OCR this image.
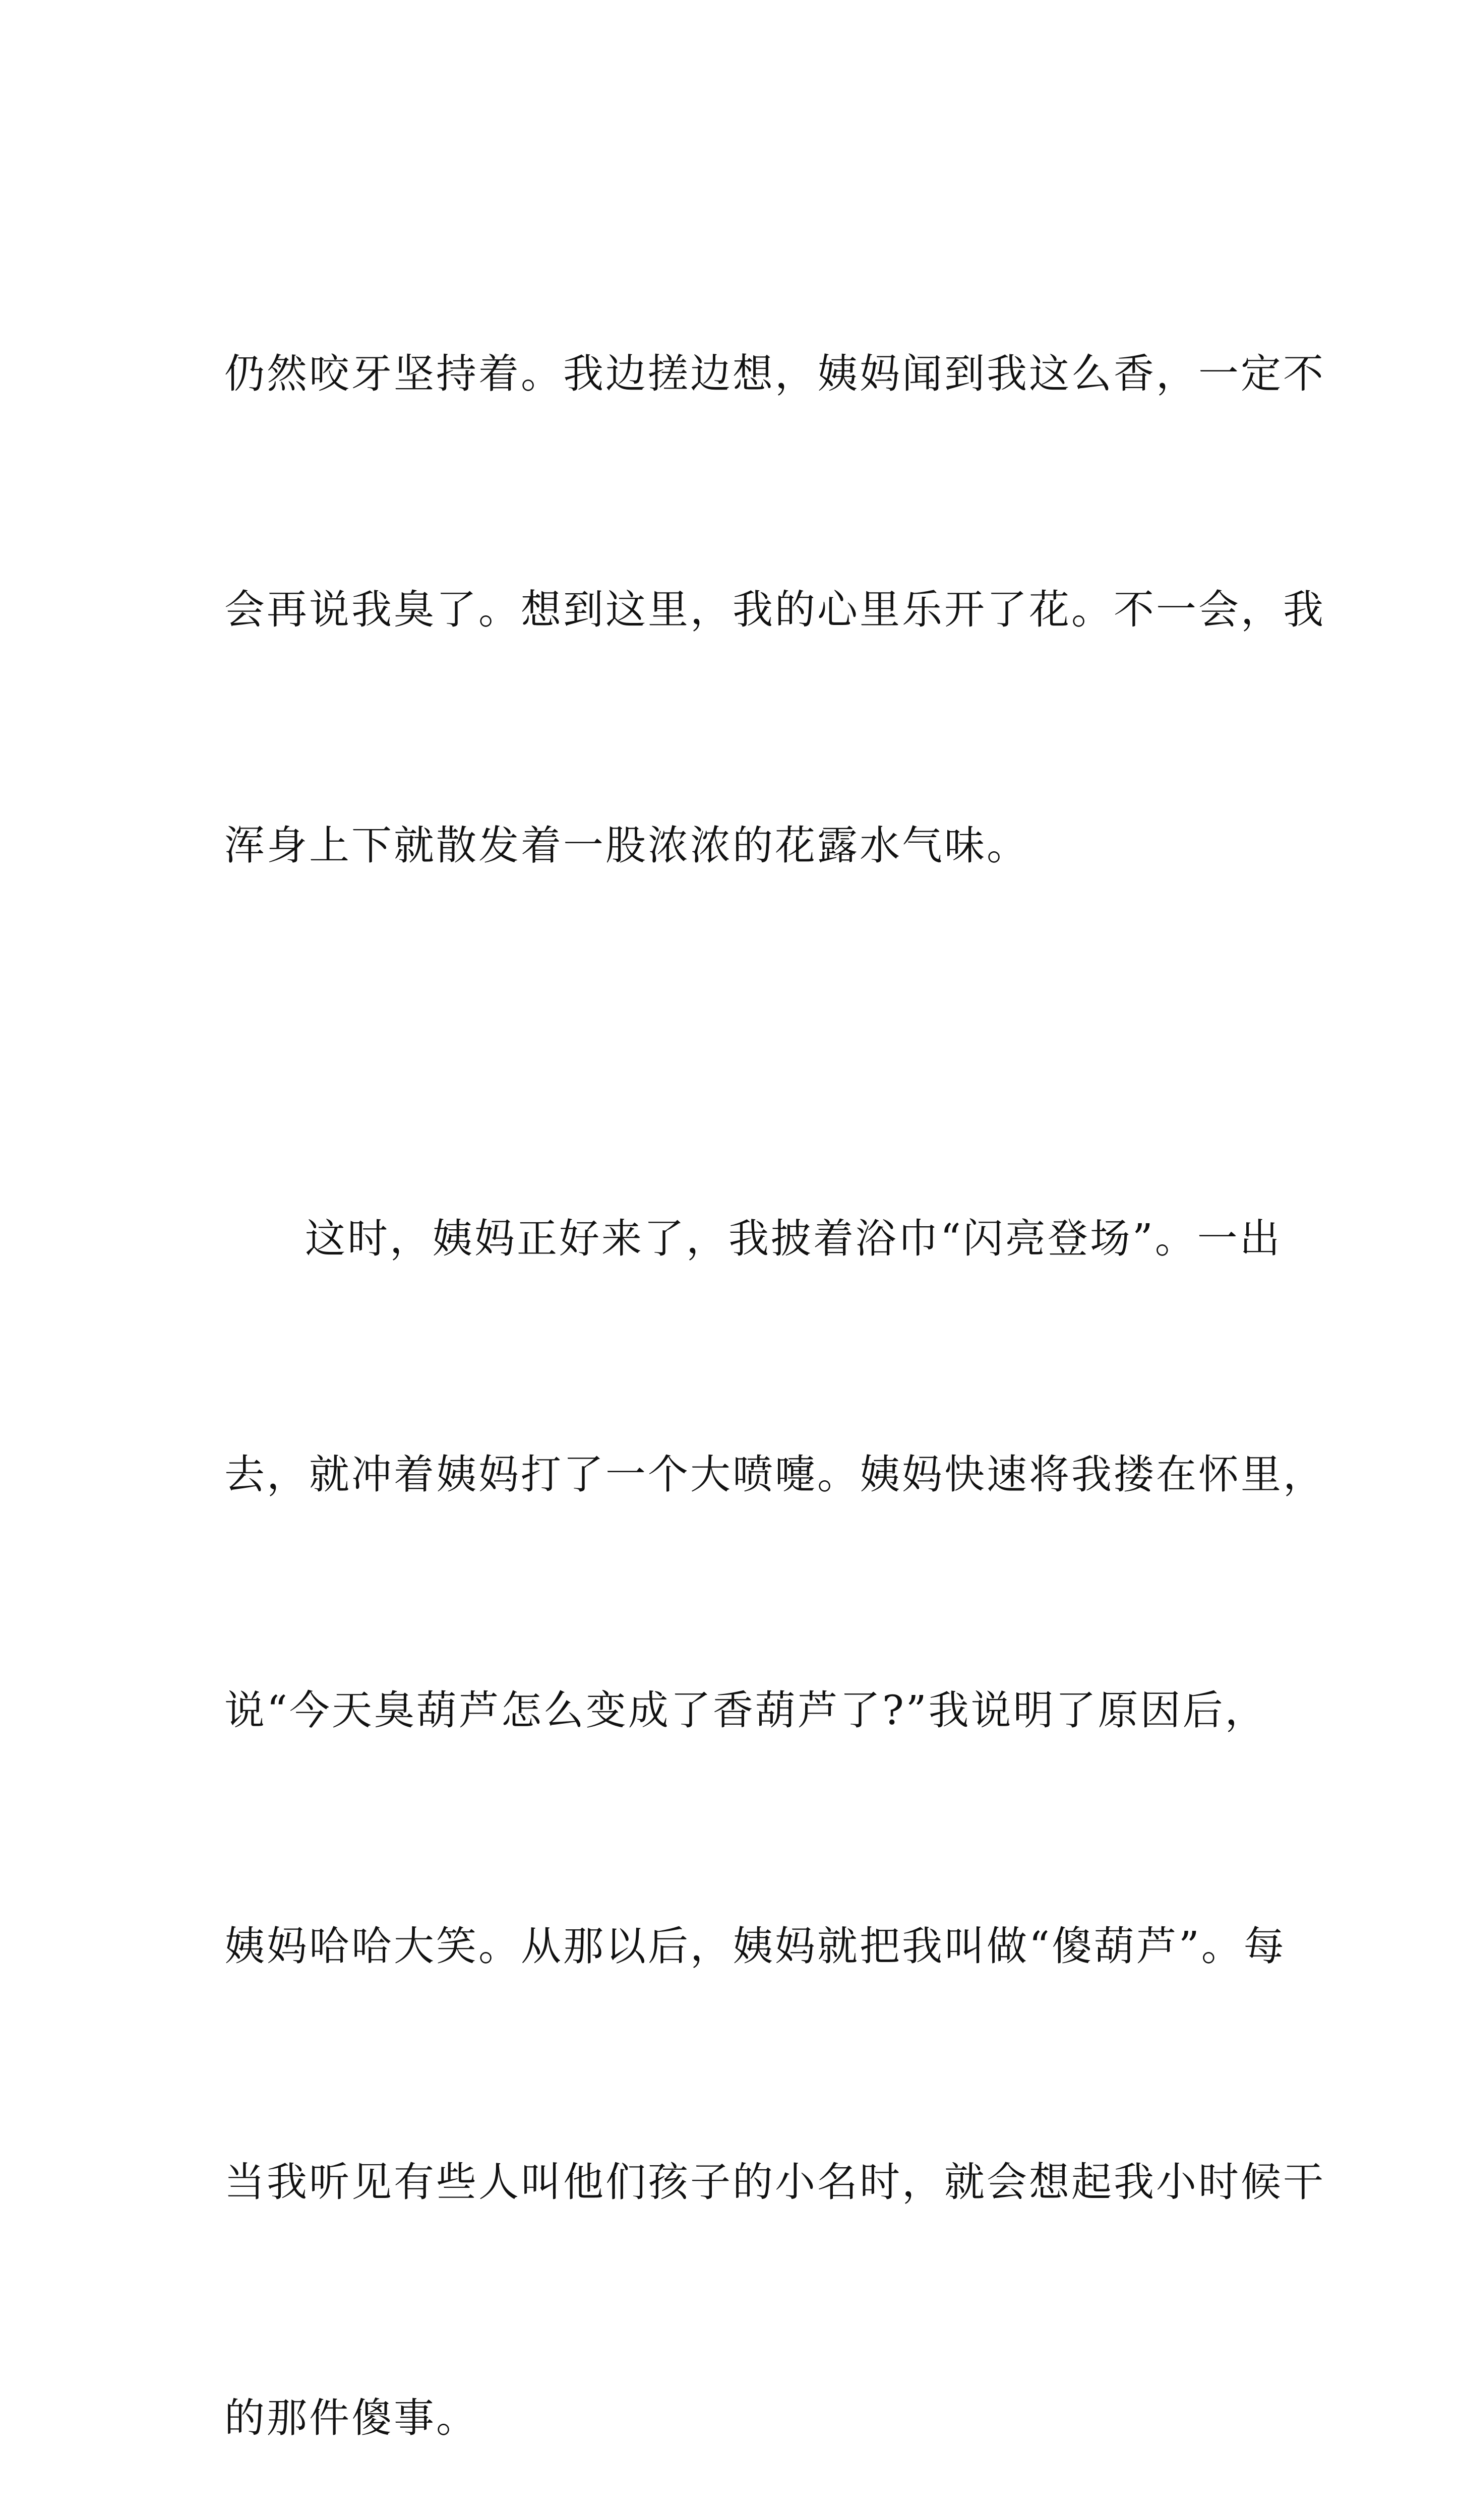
仍然咬牙坚持着。我边搓边想，姨妈闻到我这么香，一定不

会再说我臭了。想到这里，我的心里乐开了花。不一会，我

浑身上下就散发着一股浓浓的花露水气味。

这时，姨妈正好来了，我披着浴巾“闪亮登场”。一出

去，就冲着姨妈打了一个大喷嚏。姨妈快速将我搂在怀里，

说“今天臭葫芦怎么变成了香葫芦了?”我说明了原因后，

姨妈哈哈大笑。从那以后，姨妈就把我叫做“傻葫芦”。每

当我听见有些人叫他们孩子的小名时，就会想起我小时候干

的那件傻事。
